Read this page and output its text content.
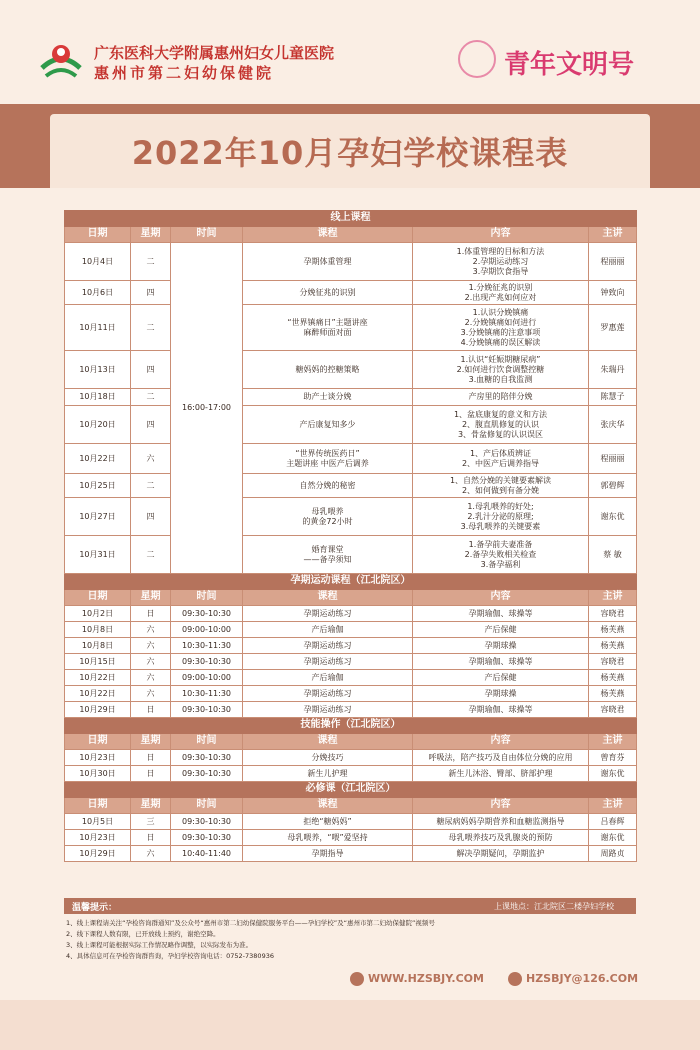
广东医科大学附属惠州妇女儿童医院
惠州市第二妇幼保健院	青年文明号
2022年10月孕妇学校课程表
线上课程					
日期	星期	时间	课程	内容	主讲
10月4日	二	16:00-17:00	孕期体重管理	1.体重管理的目标和方法
2.孕期运动练习
3.孕期饮食指导	程丽丽
10月6日	四		分娩征兆的识别	1.分娩征兆的识别
2.出现产兆如何应对	钟致向
10月11日	二		“世界镇痛日”主题讲座
麻醉师面对面	1.认识分娩镇痛
2.分娩镇痛如何进行
3.分娩镇痛的注意事项
4.分娩镇痛的误区解读	罗惠莲
10月13日	四		糖妈妈的控糖策略	1.认识“妊娠期糖尿病”
2.如何进行饮食调整控糖
3.血糖的自我监测	朱瑞丹
10月18日	二		助产士谈分娩	产房里的陪伴分娩	陈慧子
10月20日	四		产后康复知多少	1、盆底康复的意义和方法
2、腹直肌修复的认识
3、骨盆修复的认识误区	张庆华
10月22日	六		“世界传统医药日”
主题讲座 中医产后调养	1、产后体质辨证
2、中医产后调养指导	程丽丽
10月25日	二		自然分娩的秘密	1、自然分娩的关键要素解读
2、如何做到有备分娩	郭碧辉
10月27日	四		母乳喂养
的黄金72小时	1.母乳喂养的好处;
2.乳汁分泌的原理;
3.母乳喂养的关键要素	谢东优
10月31日	二		婚育课堂
——备孕须知	1.备孕前夫妻准备
2.备孕失败相关检查
3.备孕福利	蔡 敏
孕期运动课程（江北院区）					
日期	星期	时间	课程	内容	主讲
10月2日	日	09:30-10:30	孕期运动练习	孕期瑜伽、球操等	容晓君
10月8日	六	09:00-10:00	产后瑜伽	产后保健	杨芙燕
10月8日	六	10:30-11:30	孕期运动练习	孕期球操	杨芙燕
10月15日	六	09:30-10:30	孕期运动练习	孕期瑜伽、球操等	容晓君
10月22日	六	09:00-10:00	产后瑜伽	产后保健	杨芙燕
10月22日	六	10:30-11:30	孕期运动练习	孕期球操	杨芙燕
10月29日	日	09:30-10:30	孕期运动练习	孕期瑜伽、球操等	容晓君
技能操作（江北院区）					
日期	星期	时间	课程	内容	主讲
10月23日	日	09:30-10:30	分娩技巧	呼吸法，陪产技巧及自由体位分娩的应用	曾育芬
10月30日	日	09:30-10:30	新生儿护理	新生儿沐浴、臀部、脐部护理	谢东优
必修课（江北院区）					
日期	星期	时间	课程	内容	主讲
10月5日	三	09:30-10:30	拒绝“糖妈妈”	糖尿病妈妈孕期营养和血糖监测指导	吕春辉
10月23日	日	09:30-10:30	母乳喂养，“喂”爱坚持	母乳喂养技巧及乳腺炎的预防	谢东优
10月29日	六	10:40-11:40	孕期指导	解决孕期疑问，孕期监护	周路贞
温馨提示：	上课地点：江北院区二楼孕妇学校
1、线上课程请关注“孕检咨询群通知”及公众号“惠州市第二妇幼保健院服务平台——孕妇学校”及“惠州市第二妇幼保健院”视频号
2、线下课程人数有限，已开放线上预约，谢绝空降。
3、线上课程可能根据实际工作情况略作调整，以实际发布为准。
4、具体信息可在孕检咨询群咨询，孕妇学校咨询电话：0752-7380936
WWW.HZSBJY.COM	HZSBJY@126.COM
